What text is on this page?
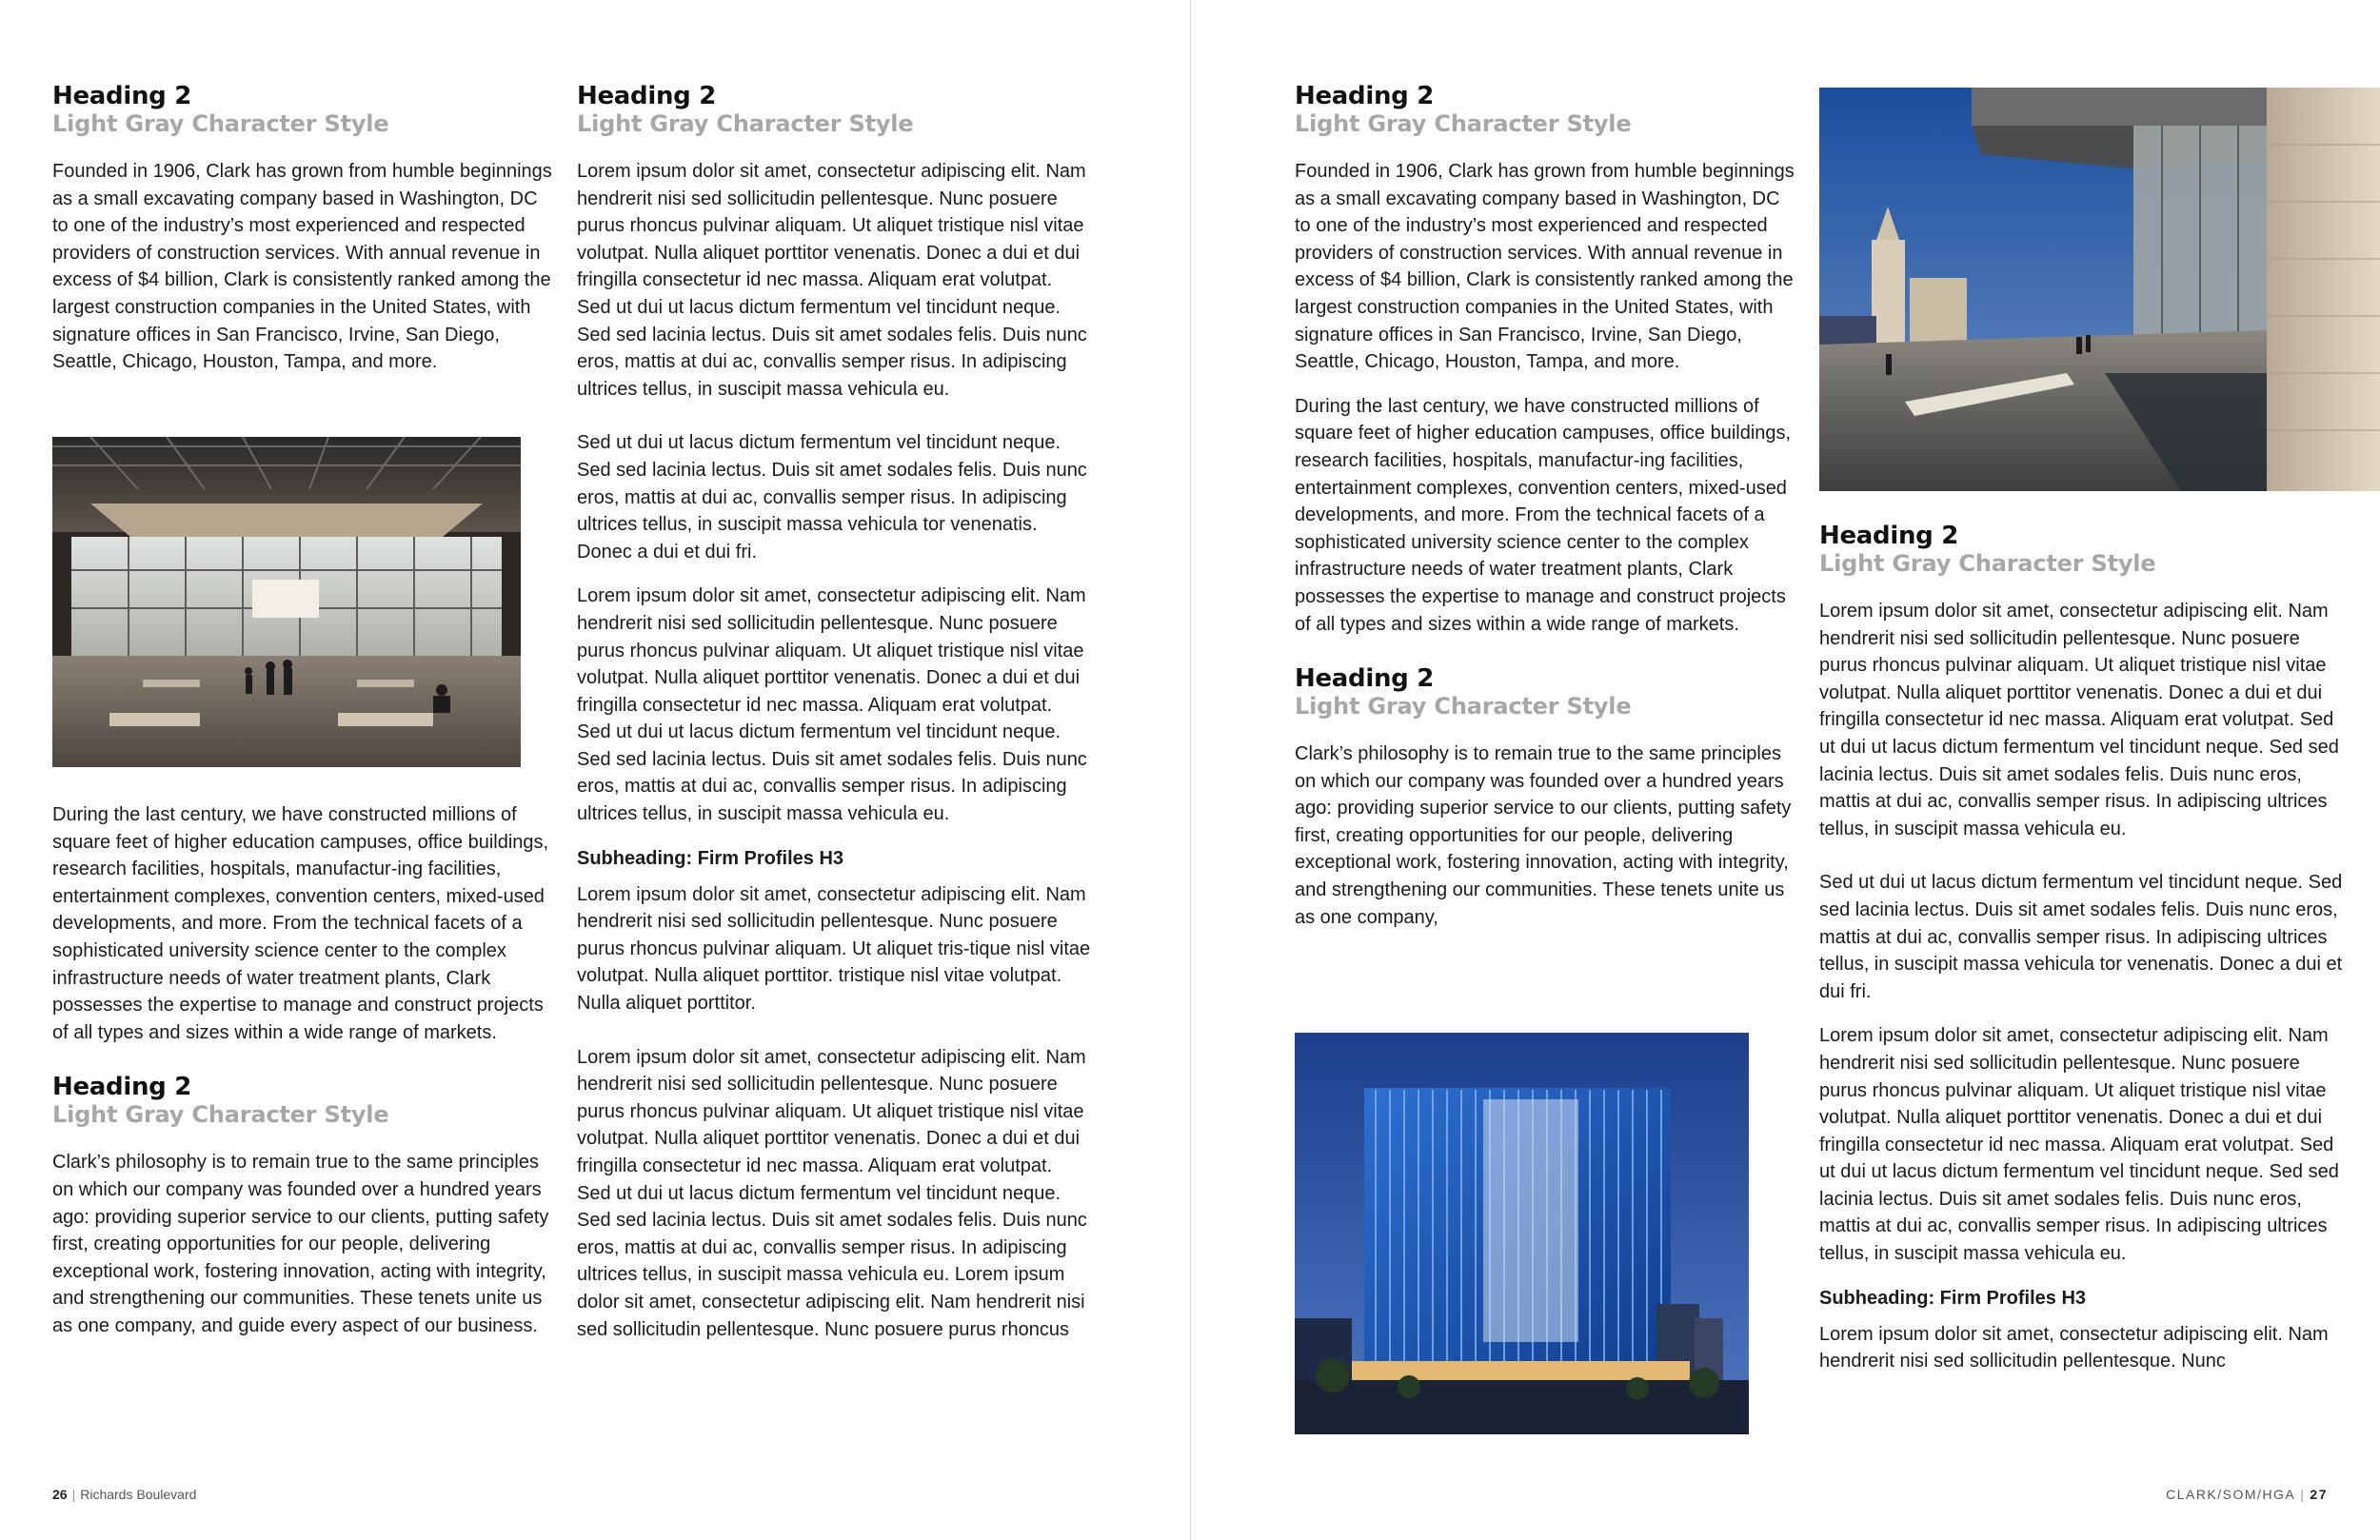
Heading 2
Light Gray Character Style

Founded in 1906, Clark has grown from humble beginnings as a small excavating company based in Washington, DC to one of the industry’s most experienced and respected providers of construction services. With annual revenue in excess of $4 billion, Clark is consistently ranked among the largest construction companies in the United States, with signature offices in San Francisco, Irvine, San Diego, Seattle, Chicago, Houston, Tampa, and more.

During the last century, we have constructed millions of square feet of higher education campuses, office buildings, research facilities, hospitals, manufactur-ing facilities, entertainment complexes, convention centers, mixed-used developments, and more. From the technical facets of a sophisticated university science center to the complex infrastructure needs of water treatment plants, Clark possesses the expertise to manage and construct projects of all types and sizes within a wide range of markets.

Heading 2
Light Gray Character Style

Clark’s philosophy is to remain true to the same principles on which our company was founded over a hundred years ago: providing superior service to our clients, putting safety first, creating opportunities for our people, delivering exceptional work, fostering innovation, acting with integrity, and strengthening our communities. These tenets unite us as one company, and guide every aspect of our business.

Heading 2
Light Gray Character Style

Lorem ipsum dolor sit amet, consectetur adipiscing elit. Nam hendrerit nisi sed sollicitudin pellentesque. Nunc posuere purus rhoncus pulvinar aliquam. Ut aliquet tristique nisl vitae volutpat. Nulla aliquet porttitor venenatis. Donec a dui et dui fringilla consectetur id nec massa. Aliquam erat volutpat. Sed ut dui ut lacus dictum fermentum vel tincidunt neque. Sed sed lacinia lectus. Duis sit amet sodales felis. Duis nunc eros, mattis at dui ac, convallis semper risus. In adipiscing ultrices tellus, in suscipit massa vehicula eu.

Sed ut dui ut lacus dictum fermentum vel tincidunt neque. Sed sed lacinia lectus. Duis sit amet sodales felis. Duis nunc eros, mattis at dui ac, convallis semper risus. In adipiscing ultrices tellus, in suscipit massa vehicula tor venenatis. Donec a dui et dui fri.

Lorem ipsum dolor sit amet, consectetur adipiscing elit. Nam hendrerit nisi sed sollicitudin pellentesque. Nunc posuere purus rhoncus pulvinar aliquam. Ut aliquet tristique nisl vitae volutpat. Nulla aliquet porttitor venenatis. Donec a dui et dui fringilla consectetur id nec massa. Aliquam erat volutpat. Sed ut dui ut lacus dictum fermentum vel tincidunt neque. Sed sed lacinia lectus. Duis sit amet sodales felis. Duis nunc eros, mattis at dui ac, convallis semper risus. In adipiscing ultrices tellus, in suscipit massa vehicula eu.

Subheading: Firm Profiles H3

Lorem ipsum dolor sit amet, consectetur adipiscing elit. Nam hendrerit nisi sed sollicitudin pellentesque. Nunc posuere purus rhoncus pulvinar aliquam. Ut aliquet tris-tique nisl vitae volutpat. Nulla aliquet porttitor. tristique nisl vitae volutpat. Nulla aliquet porttitor.

Lorem ipsum dolor sit amet, consectetur adipiscing elit. Nam hendrerit nisi sed sollicitudin pellentesque. Nunc posuere purus rhoncus pulvinar aliquam. Ut aliquet tristique nisl vitae volutpat. Nulla aliquet porttitor venenatis. Donec a dui et dui fringilla consectetur id nec massa. Aliquam erat volutpat. Sed ut dui ut lacus dictum fermentum vel tincidunt neque. Sed sed lacinia lectus. Duis sit amet sodales felis. Duis nunc eros, mattis at dui ac, convallis semper risus. In adipiscing ultrices tellus, in suscipit massa vehicula eu. Lorem ipsum dolor sit amet, consectetur adipiscing elit. Nam hendrerit nisi sed sollicitudin pellentesque. Nunc posuere purus rhoncus

26 | Richards Boulevard
Heading 2
Light Gray Character Style

Founded in 1906, Clark has grown from humble beginnings as a small excavating company based in Washington, DC to one of the industry’s most experienced and respected providers of construction services. With annual revenue in excess of $4 billion, Clark is consistently ranked among the largest construction companies in the United States, with signature offices in San Francisco, Irvine, San Diego, Seattle, Chicago, Houston, Tampa, and more.

During the last century, we have constructed millions of square feet of higher education campuses, office buildings, research facilities, hospitals, manufactur-ing facilities, entertainment complexes, convention centers, mixed-used developments, and more. From the technical facets of a sophisticated university science center to the complex infrastructure needs of water treatment plants, Clark possesses the expertise to manage and construct projects of all types and sizes within a wide range of markets.

Heading 2
Light Gray Character Style

Clark’s philosophy is to remain true to the same principles on which our company was founded over a hundred years ago: providing superior service to our clients, putting safety first, creating opportunities for our people, delivering exceptional work, fostering innovation, acting with integrity, and strengthening our communities. These tenets unite us as one company,

Heading 2
Light Gray Character Style

Lorem ipsum dolor sit amet, consectetur adipiscing elit. Nam hendrerit nisi sed sollicitudin pellentesque. Nunc posuere purus rhoncus pulvinar aliquam. Ut aliquet tristique nisl vitae volutpat. Nulla aliquet porttitor venenatis. Donec a dui et dui fringilla consectetur id nec massa. Aliquam erat volutpat. Sed ut dui ut lacus dictum fermentum vel tincidunt neque. Sed sed lacinia lectus. Duis sit amet sodales felis. Duis nunc eros, mattis at dui ac, convallis semper risus. In adipiscing ultrices tellus, in suscipit massa vehicula eu.

Sed ut dui ut lacus dictum fermentum vel tincidunt neque. Sed sed lacinia lectus. Duis sit amet sodales felis. Duis nunc eros, mattis at dui ac, convallis semper risus. In adipiscing ultrices tellus, in suscipit massa vehicula tor venenatis. Donec a dui et dui fri.

Lorem ipsum dolor sit amet, consectetur adipiscing elit. Nam hendrerit nisi sed sollicitudin pellentesque. Nunc posuere purus rhoncus pulvinar aliquam. Ut aliquet tristique nisl vitae volutpat. Nulla aliquet porttitor venenatis. Donec a dui et dui fringilla consectetur id nec massa. Aliquam erat volutpat. Sed ut dui ut lacus dictum fermentum vel tincidunt neque. Sed sed lacinia lectus. Duis sit amet sodales felis. Duis nunc eros, mattis at dui ac, convallis semper risus. In adipiscing ultrices tellus, in suscipit massa vehicula eu.

Subheading: Firm Profiles H3

Lorem ipsum dolor sit amet, consectetur adipiscing elit. Nam hendrerit nisi sed sollicitudin pellentesque. Nunc

CLARK/SOM/HGA | 27
